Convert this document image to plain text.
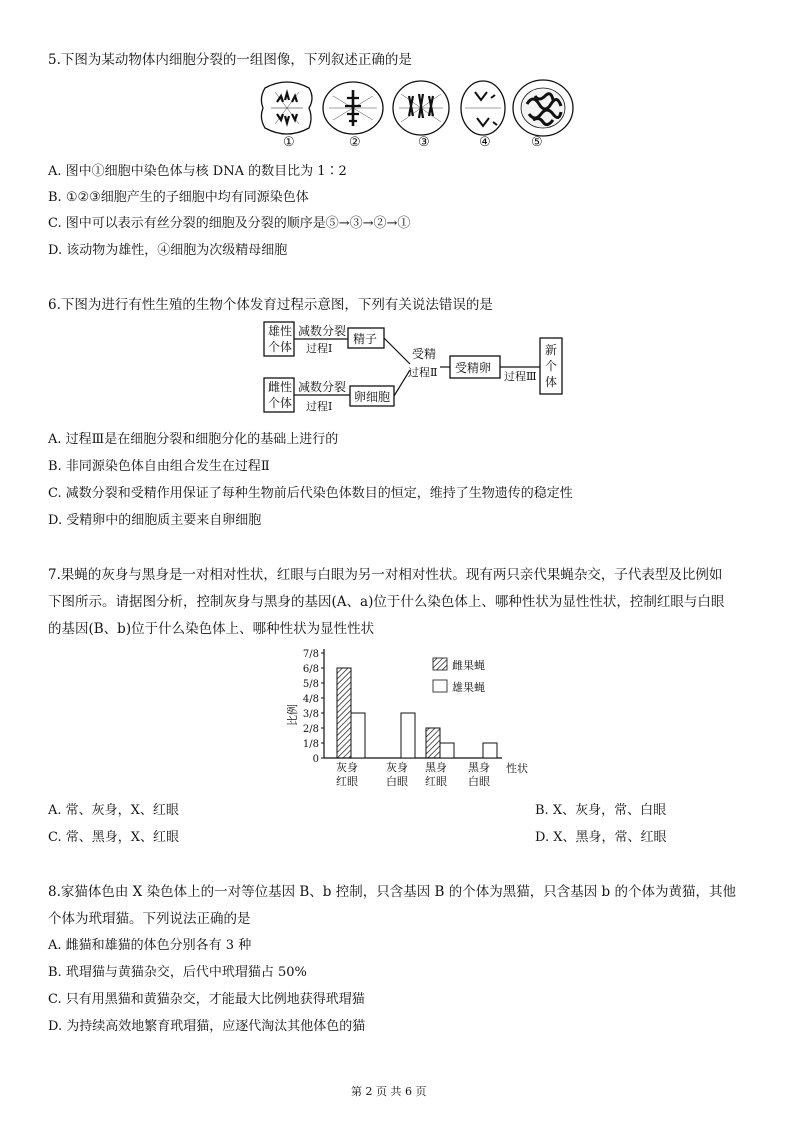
5.下图为某动物体内细胞分裂的一组图像，下列叙述正确的是
①	②	③	④	⑤
A. 图中①细胞中染色体与核 DNA 的数目比为 1∶2
B. ①②③细胞产生的子细胞中均有同源染色体
C. 图中可以表示有丝分裂的细胞及分裂的顺序是⑤→③→②→①
D. 该动物为雄性，④细胞为次级精母细胞
6.下图为进行有性生殖的生物个体发育过程示意图，下列有关说法错误的是
雄性
个体
减数分裂
过程Ⅰ
精子
雌性
个体
减数分裂
过程Ⅰ
卵细胞
受精
过程Ⅱ 受精卵
过程Ⅲ
新
个
体
A. 过程Ⅲ是在细胞分裂和细胞分化的基础上进行的
B. 非同源染色体自由组合发生在过程Ⅱ
C. 减数分裂和受精作用保证了每种生物前后代染色体数目的恒定，维持了生物遗传的稳定性
D. 受精卵中的细胞质主要来自卵细胞
7.果蝇的灰身与黑身是一对相对性状，红眼与白眼为另一对相对性状。现有两只亲代果蝇杂交，子代表型及比例如
下图所示。请据图分析，控制灰身与黑身的基因(A、a)位于什么染色体上、哪种性状为显性性状，控制红眼与白眼
的基因(B、b)位于什么染色体上、哪种性状为显性性状
0
1/8
2/8
3/8
4/8
5/8
6/8
7/8
灰身
红眼
灰身
白眼
黑身
红眼
黑身
白眼
雌果蝇
雄果蝇
比例
性状
A. 常、灰身，X、红眼	B. X、灰身，常、白眼
C. 常、黑身，X、红眼	D. X、黑身，常、红眼
8.家猫体色由 X 染色体上的一对等位基因 B、b 控制，只含基因 B 的个体为黑猫，只含基因 b 的个体为黄猫，其他
个体为玳瑁猫。下列说法正确的是
A. 雌猫和雄猫的体色分别各有 3 种
B. 玳瑁猫与黄猫杂交，后代中玳瑁猫占 50%
C. 只有用黑猫和黄猫杂交，才能最大比例地获得玳瑁猫
D. 为持续高效地繁育玳瑁猫，应逐代淘汰其他体色的猫
第 2 页 共 6 页
